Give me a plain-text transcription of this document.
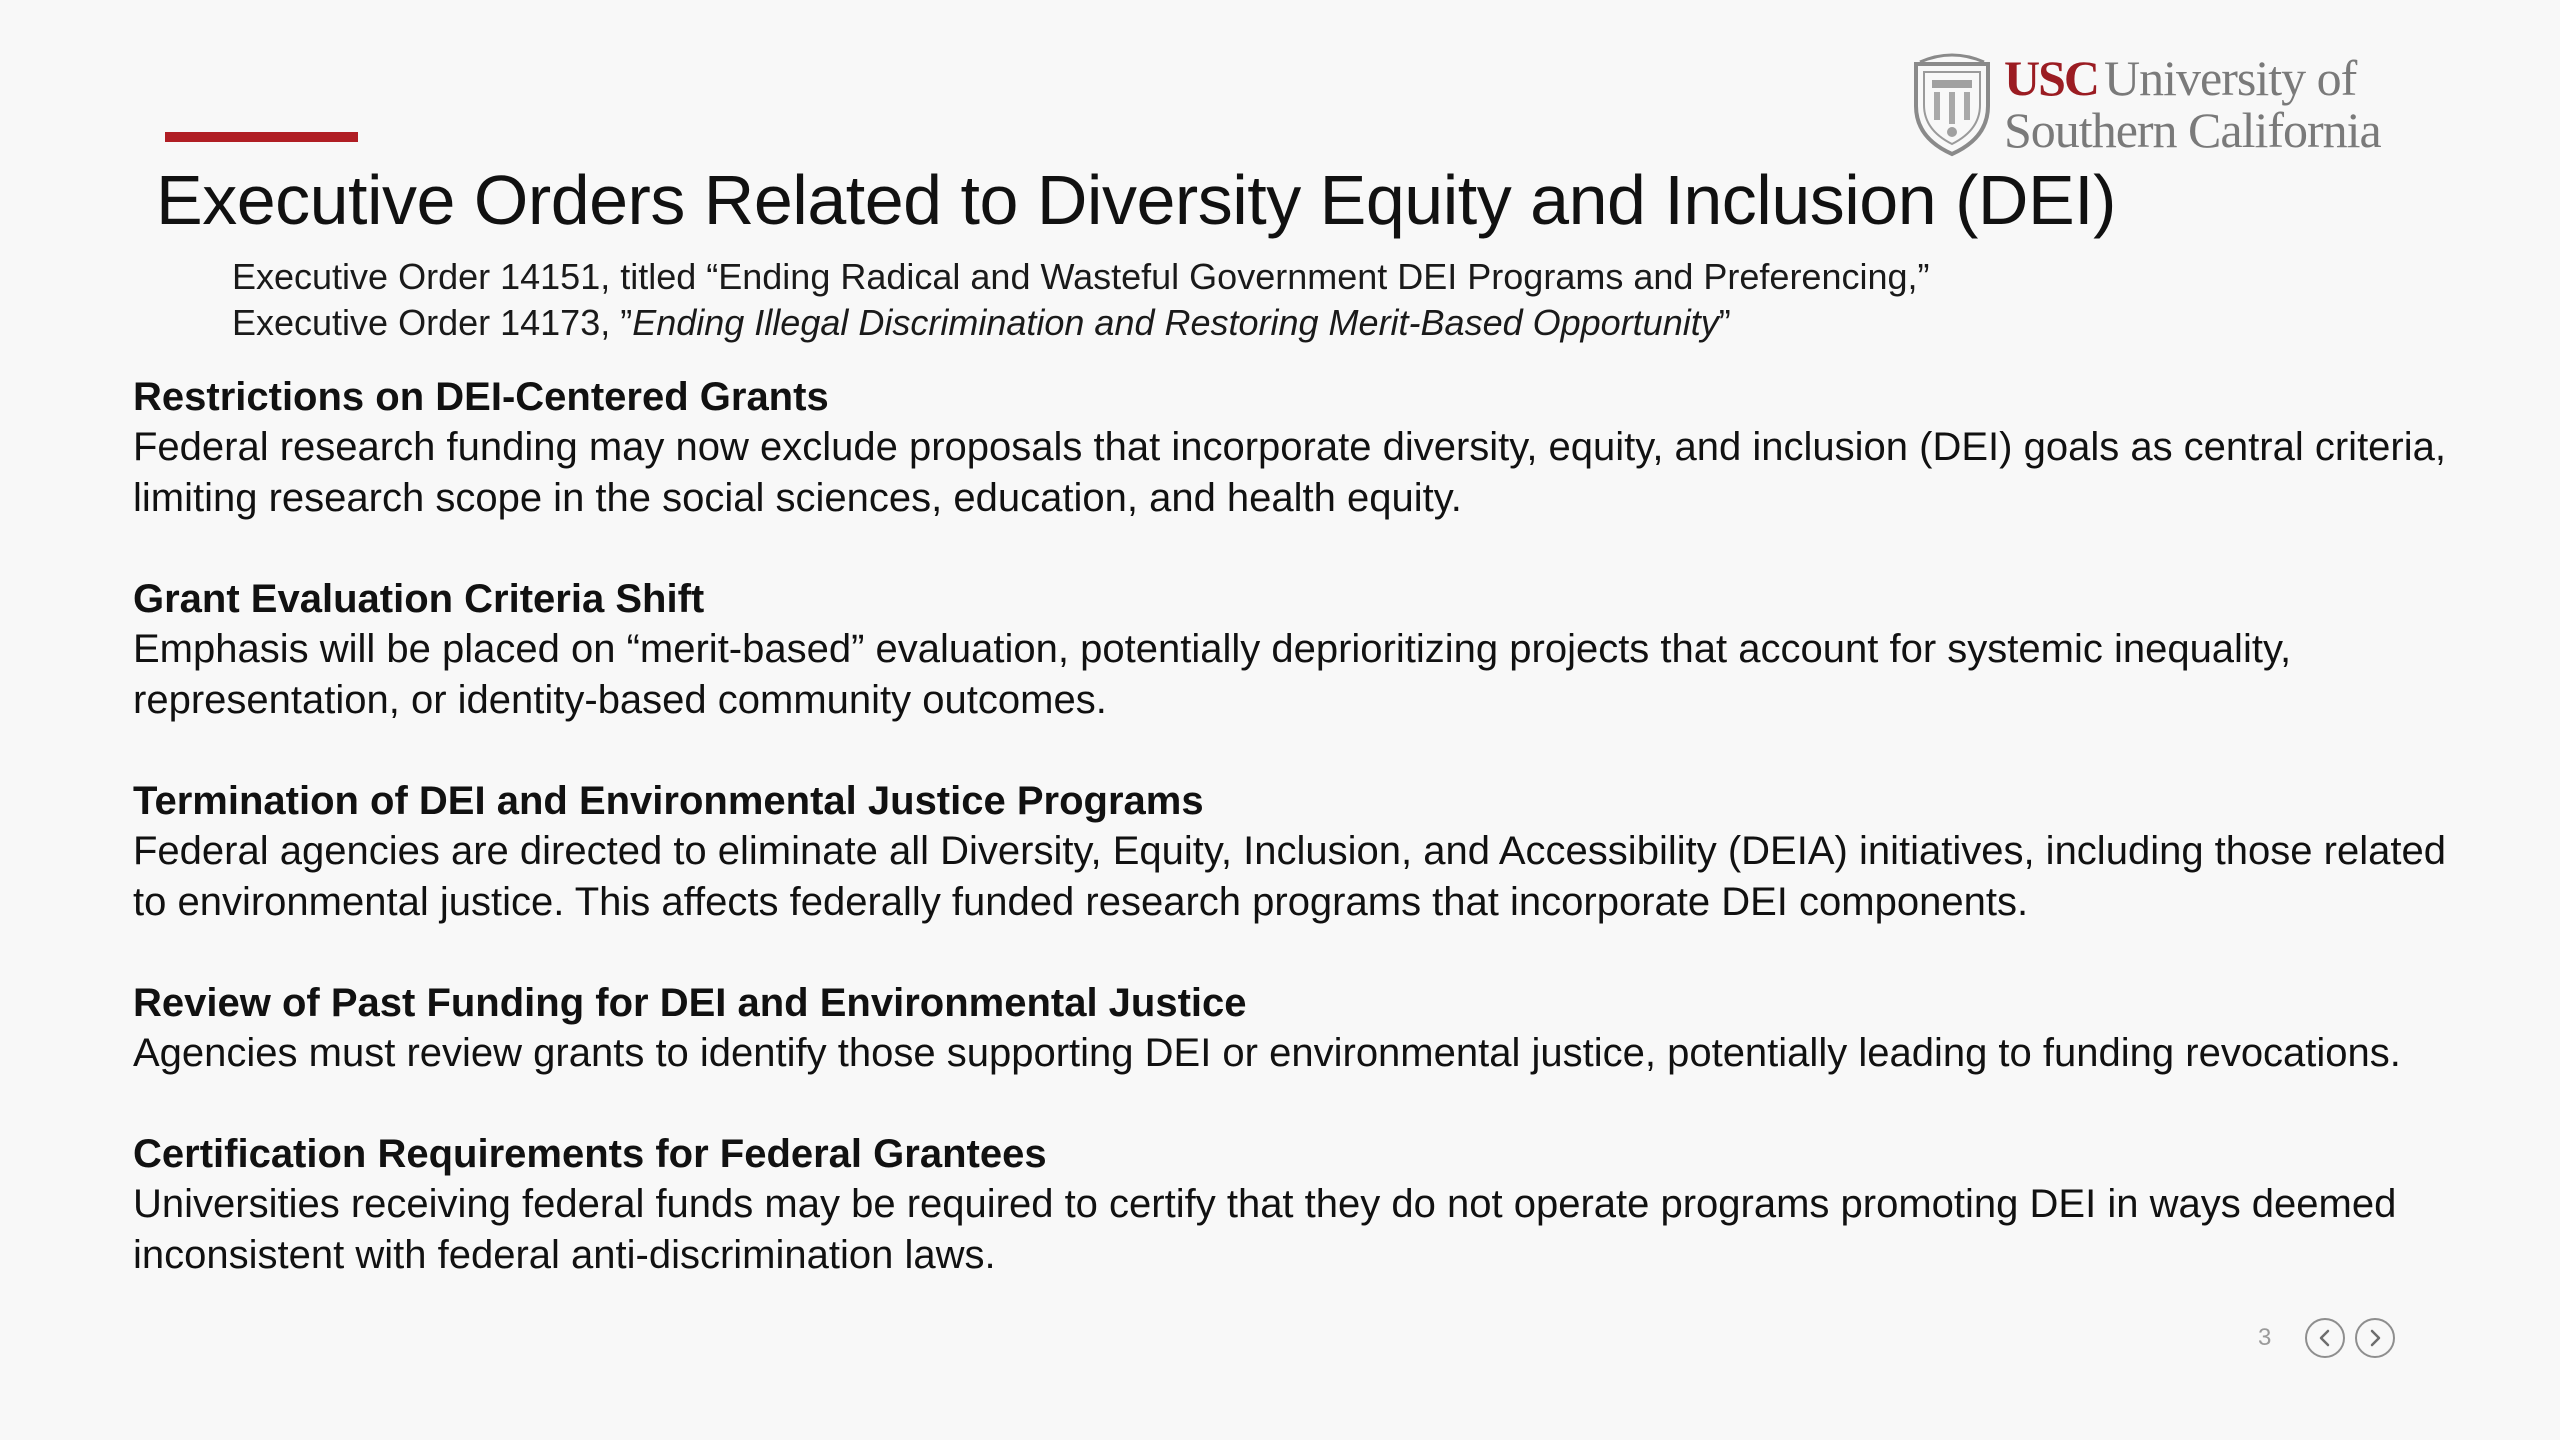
USC University of
Southern California
Executive Orders Related to Diversity Equity and Inclusion (DEI)
Executive Order 14151, titled “Ending Radical and Wasteful Government DEI Programs and Preferencing,”
Executive Order 14173, ”Ending Illegal Discrimination and Restoring Merit-Based Opportunity”
Restrictions on DEI-Centered Grants

Federal research funding may now exclude proposals that incorporate diversity, equity, and inclusion (DEI) goals as central criteria, limiting research scope in the social sciences, education, and health equity.

Grant Evaluation Criteria Shift

Emphasis will be placed on “merit-based” evaluation, potentially deprioritizing projects that account for systemic inequality, representation, or identity-based community outcomes.

Termination of DEI and Environmental Justice Programs

Federal agencies are directed to eliminate all Diversity, Equity, Inclusion, and Accessibility (DEIA) initiatives, including those related to environmental justice. This affects federally funded research programs that incorporate DEI components.

Review of Past Funding for DEI and Environmental Justice

Agencies must review grants to identify those supporting DEI or environmental justice, potentially leading to funding revocations.

Certification Requirements for Federal Grantees

Universities receiving federal funds may be required to certify that they do not operate programs promoting DEI in ways deemed inconsistent with federal anti-discrimination laws.

3
